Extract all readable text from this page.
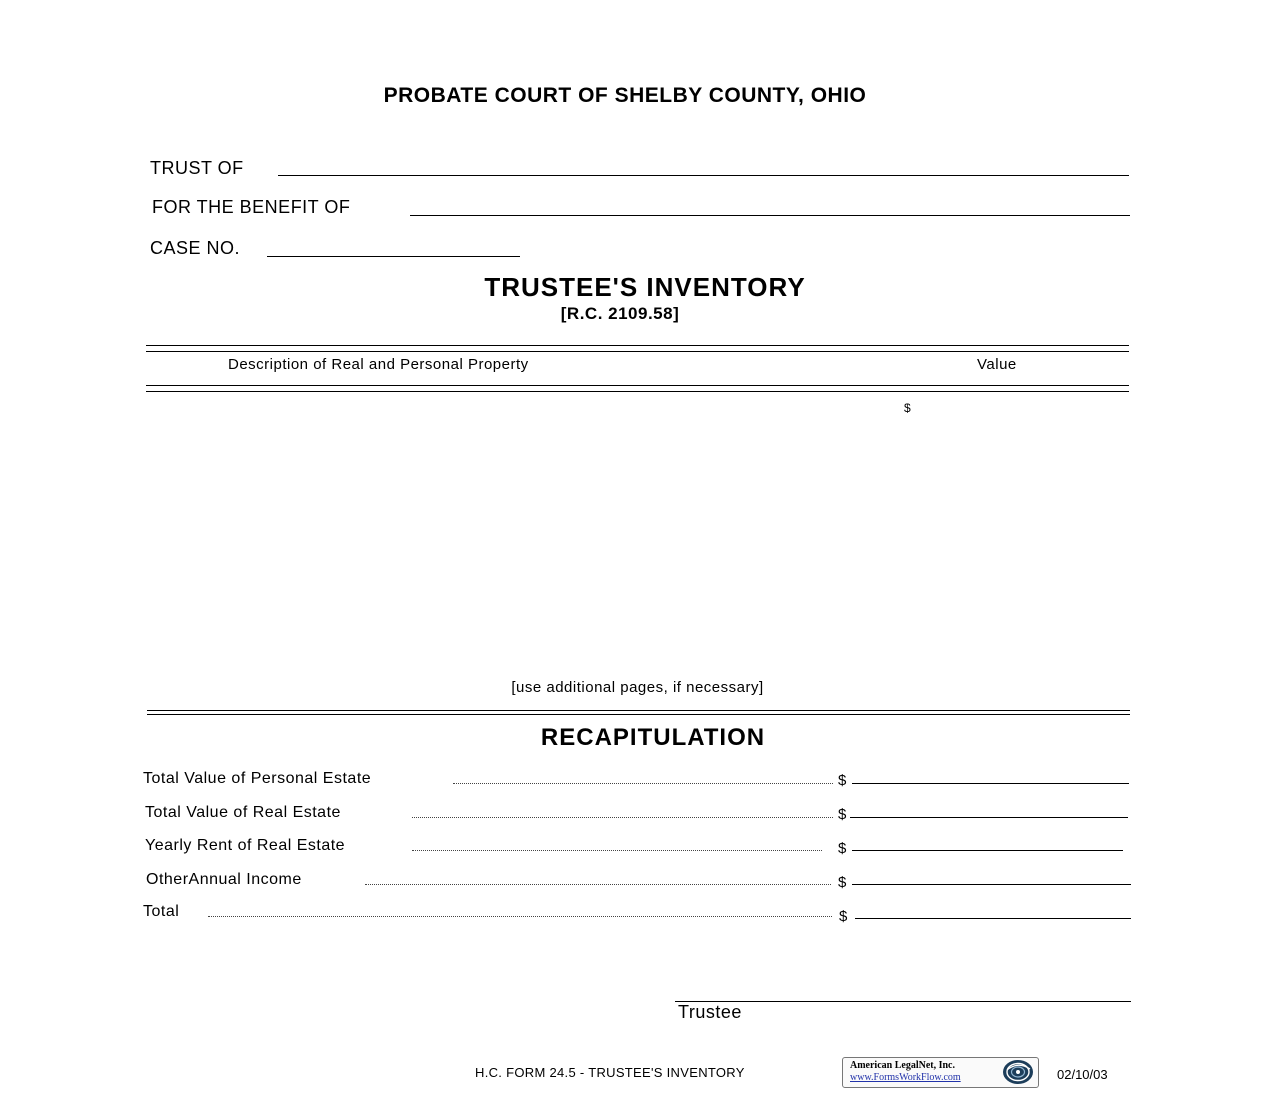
PROBATE COURT OF SHELBY COUNTY, OHIO
TRUST OF
FOR THE BENEFIT OF
CASE NO.
TRUSTEE'S INVENTORY
[R.C. 2109.58]
Description of Real and Personal Property	Value
$
[use additional pages, if necessary]
RECAPITULATION
Total Value of Personal Estate	$
Total Value of Real Estate	$
Yearly Rent of Real Estate	$
OtherAnnual Income	$
Total	$
Trustee
H.C. FORM 24.5 - TRUSTEE'S INVENTORY	American LegalNet, Inc.
www.FormsWorkFlow.com	02/10/03
